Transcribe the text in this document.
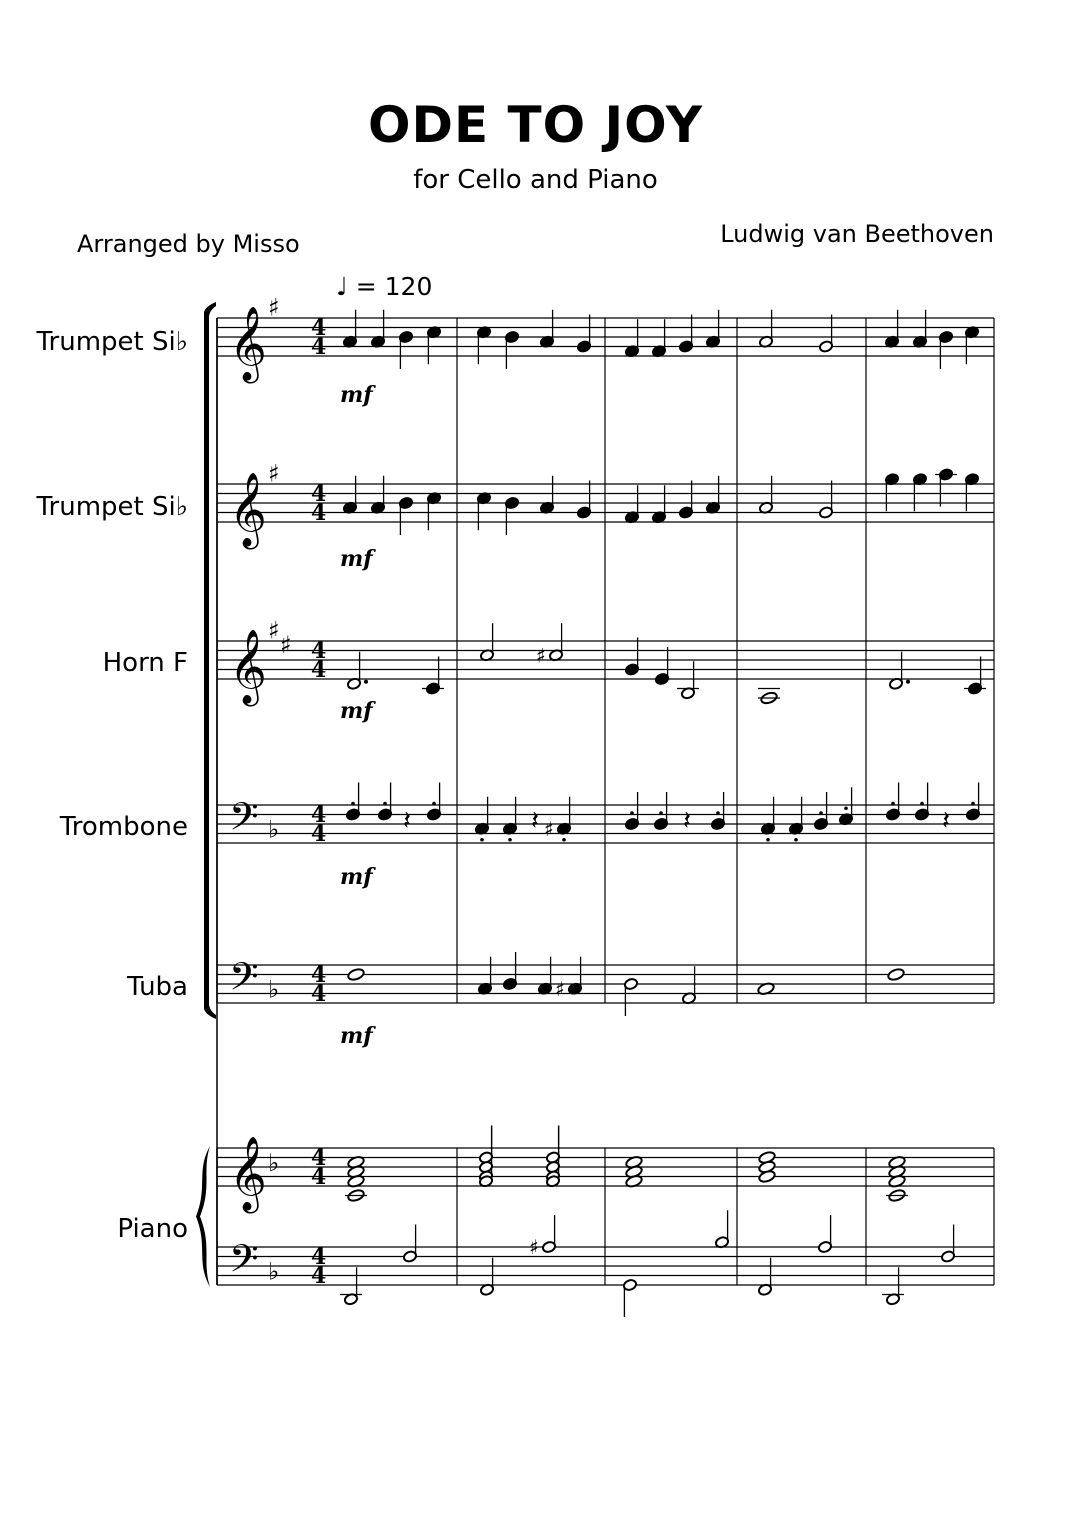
ODE TO JOY
for Cello and Piano
Arranged by Misso	Ludwig van Beethoven
Trumpet Si♭
Trumpet Si♭
Horn F
Trombone
Tuba
Piano
♩ = 120
𝄞
𝄞
𝄞
𝄢
𝄢
𝄞
𝄢
♯
♯
♯
♯
♭
♭
♭
♭
4
4
4
4
4
4
4
4
4
4
4
4
4
4
♯
𝄽	♯
𝄽	𝄽	𝄽
♯
♯
mf
mf
mf
mf
mf
